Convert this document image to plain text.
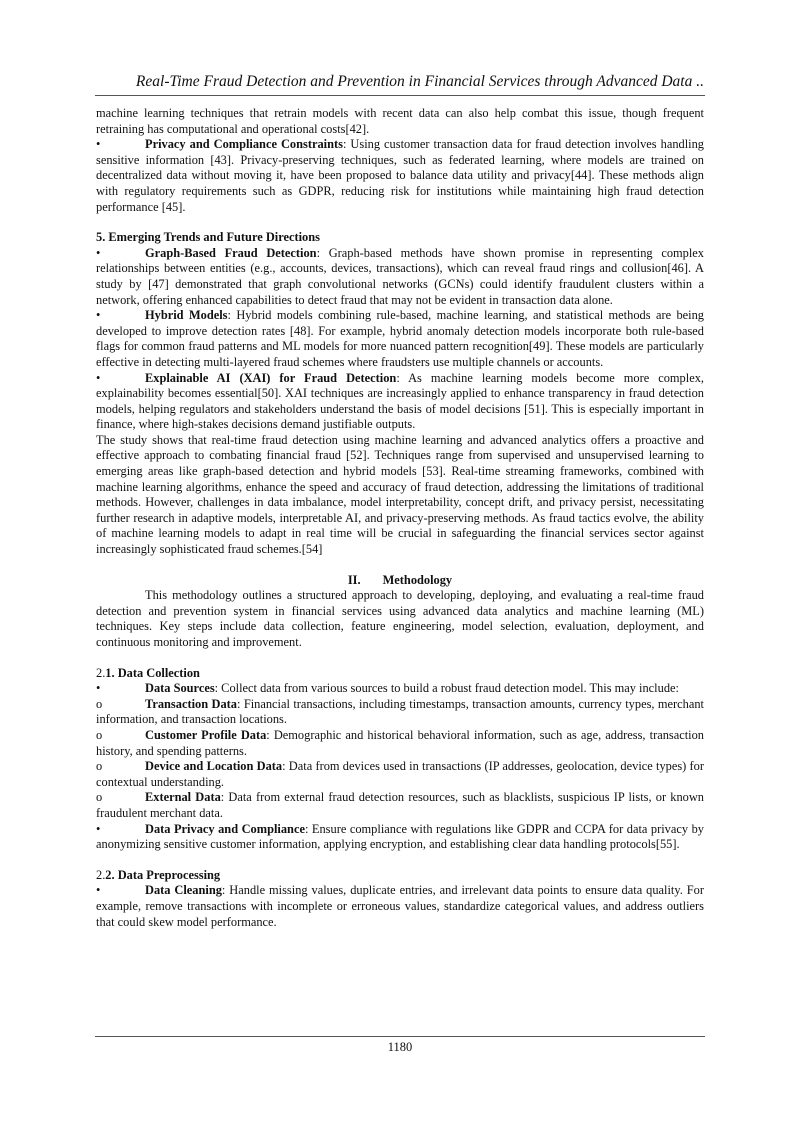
Real-Time Fraud Detection and Prevention in Financial Services through Advanced Data ..

machine learning techniques that retrain models with recent data can also help combat this issue, though frequent retraining has computational and operational costs[42].

•	Privacy and Compliance Constraints: Using customer transaction data for fraud detection involves handling sensitive information [43]. Privacy-preserving techniques, such as federated learning, where models are trained on decentralized data without moving it, have been proposed to balance data utility and privacy[44]. These methods align with regulatory requirements such as GDPR, reducing risk for institutions while maintaining high fraud detection performance [45].

5. Emerging Trends and Future Directions

•	Graph-Based Fraud Detection: Graph-based methods have shown promise in representing complex relationships between entities (e.g., accounts, devices, transactions), which can reveal fraud rings and collusion[46]. A study by [47] demonstrated that graph convolutional networks (GCNs) could identify fraudulent clusters within a network, offering enhanced capabilities to detect fraud that may not be evident in transaction data alone.

•	Hybrid Models: Hybrid models combining rule-based, machine learning, and statistical methods are being developed to improve detection rates [48]. For example, hybrid anomaly detection models incorporate both rule-based flags for common fraud patterns and ML models for more nuanced pattern recognition[49]. These models are particularly effective in detecting multi-layered fraud schemes where fraudsters use multiple channels or accounts.

•	Explainable AI (XAI) for Fraud Detection: As machine learning models become more complex, explainability becomes essential[50]. XAI techniques are increasingly applied to enhance transparency in fraud detection models, helping regulators and stakeholders understand the basis of model decisions [51]. This is especially important in finance, where high-stakes decisions demand justifiable outputs.

The study shows that real-time fraud detection using machine learning and advanced analytics offers a proactive and effective approach to combating financial fraud [52]. Techniques range from supervised and unsupervised learning to emerging areas like graph-based detection and hybrid models [53]. Real-time streaming frameworks, combined with machine learning algorithms, enhance the speed and accuracy of fraud detection, addressing the limitations of traditional methods. However, challenges in data imbalance, model interpretability, concept drift, and privacy persist, necessitating further research in adaptive models, interpretable AI, and privacy-preserving methods. As fraud tactics evolve, the ability of machine learning models to adapt in real time will be crucial in safeguarding the financial services sector against increasingly sophisticated fraud schemes.[54]

II. Methodology

This methodology outlines a structured approach to developing, deploying, and evaluating a real-time fraud detection and prevention system in financial services using advanced data analytics and machine learning (ML) techniques. Key steps include data collection, feature engineering, model selection, evaluation, deployment, and continuous monitoring and improvement.

2.1. Data Collection

•	Data Sources: Collect data from various sources to build a robust fraud detection model. This may include:

o	Transaction Data: Financial transactions, including timestamps, transaction amounts, currency types, merchant information, and transaction locations.

o	Customer Profile Data: Demographic and historical behavioral information, such as age, address, transaction history, and spending patterns.

o	Device and Location Data: Data from devices used in transactions (IP addresses, geolocation, device types) for contextual understanding.

o	External Data: Data from external fraud detection resources, such as blacklists, suspicious IP lists, or known fraudulent merchant data.

•	Data Privacy and Compliance: Ensure compliance with regulations like GDPR and CCPA for data privacy by anonymizing sensitive customer information, applying encryption, and establishing clear data handling protocols[55].

2.2. Data Preprocessing

•	Data Cleaning: Handle missing values, duplicate entries, and irrelevant data points to ensure data quality. For example, remove transactions with incomplete or erroneous values, standardize categorical values, and address outliers that could skew model performance.

1180
